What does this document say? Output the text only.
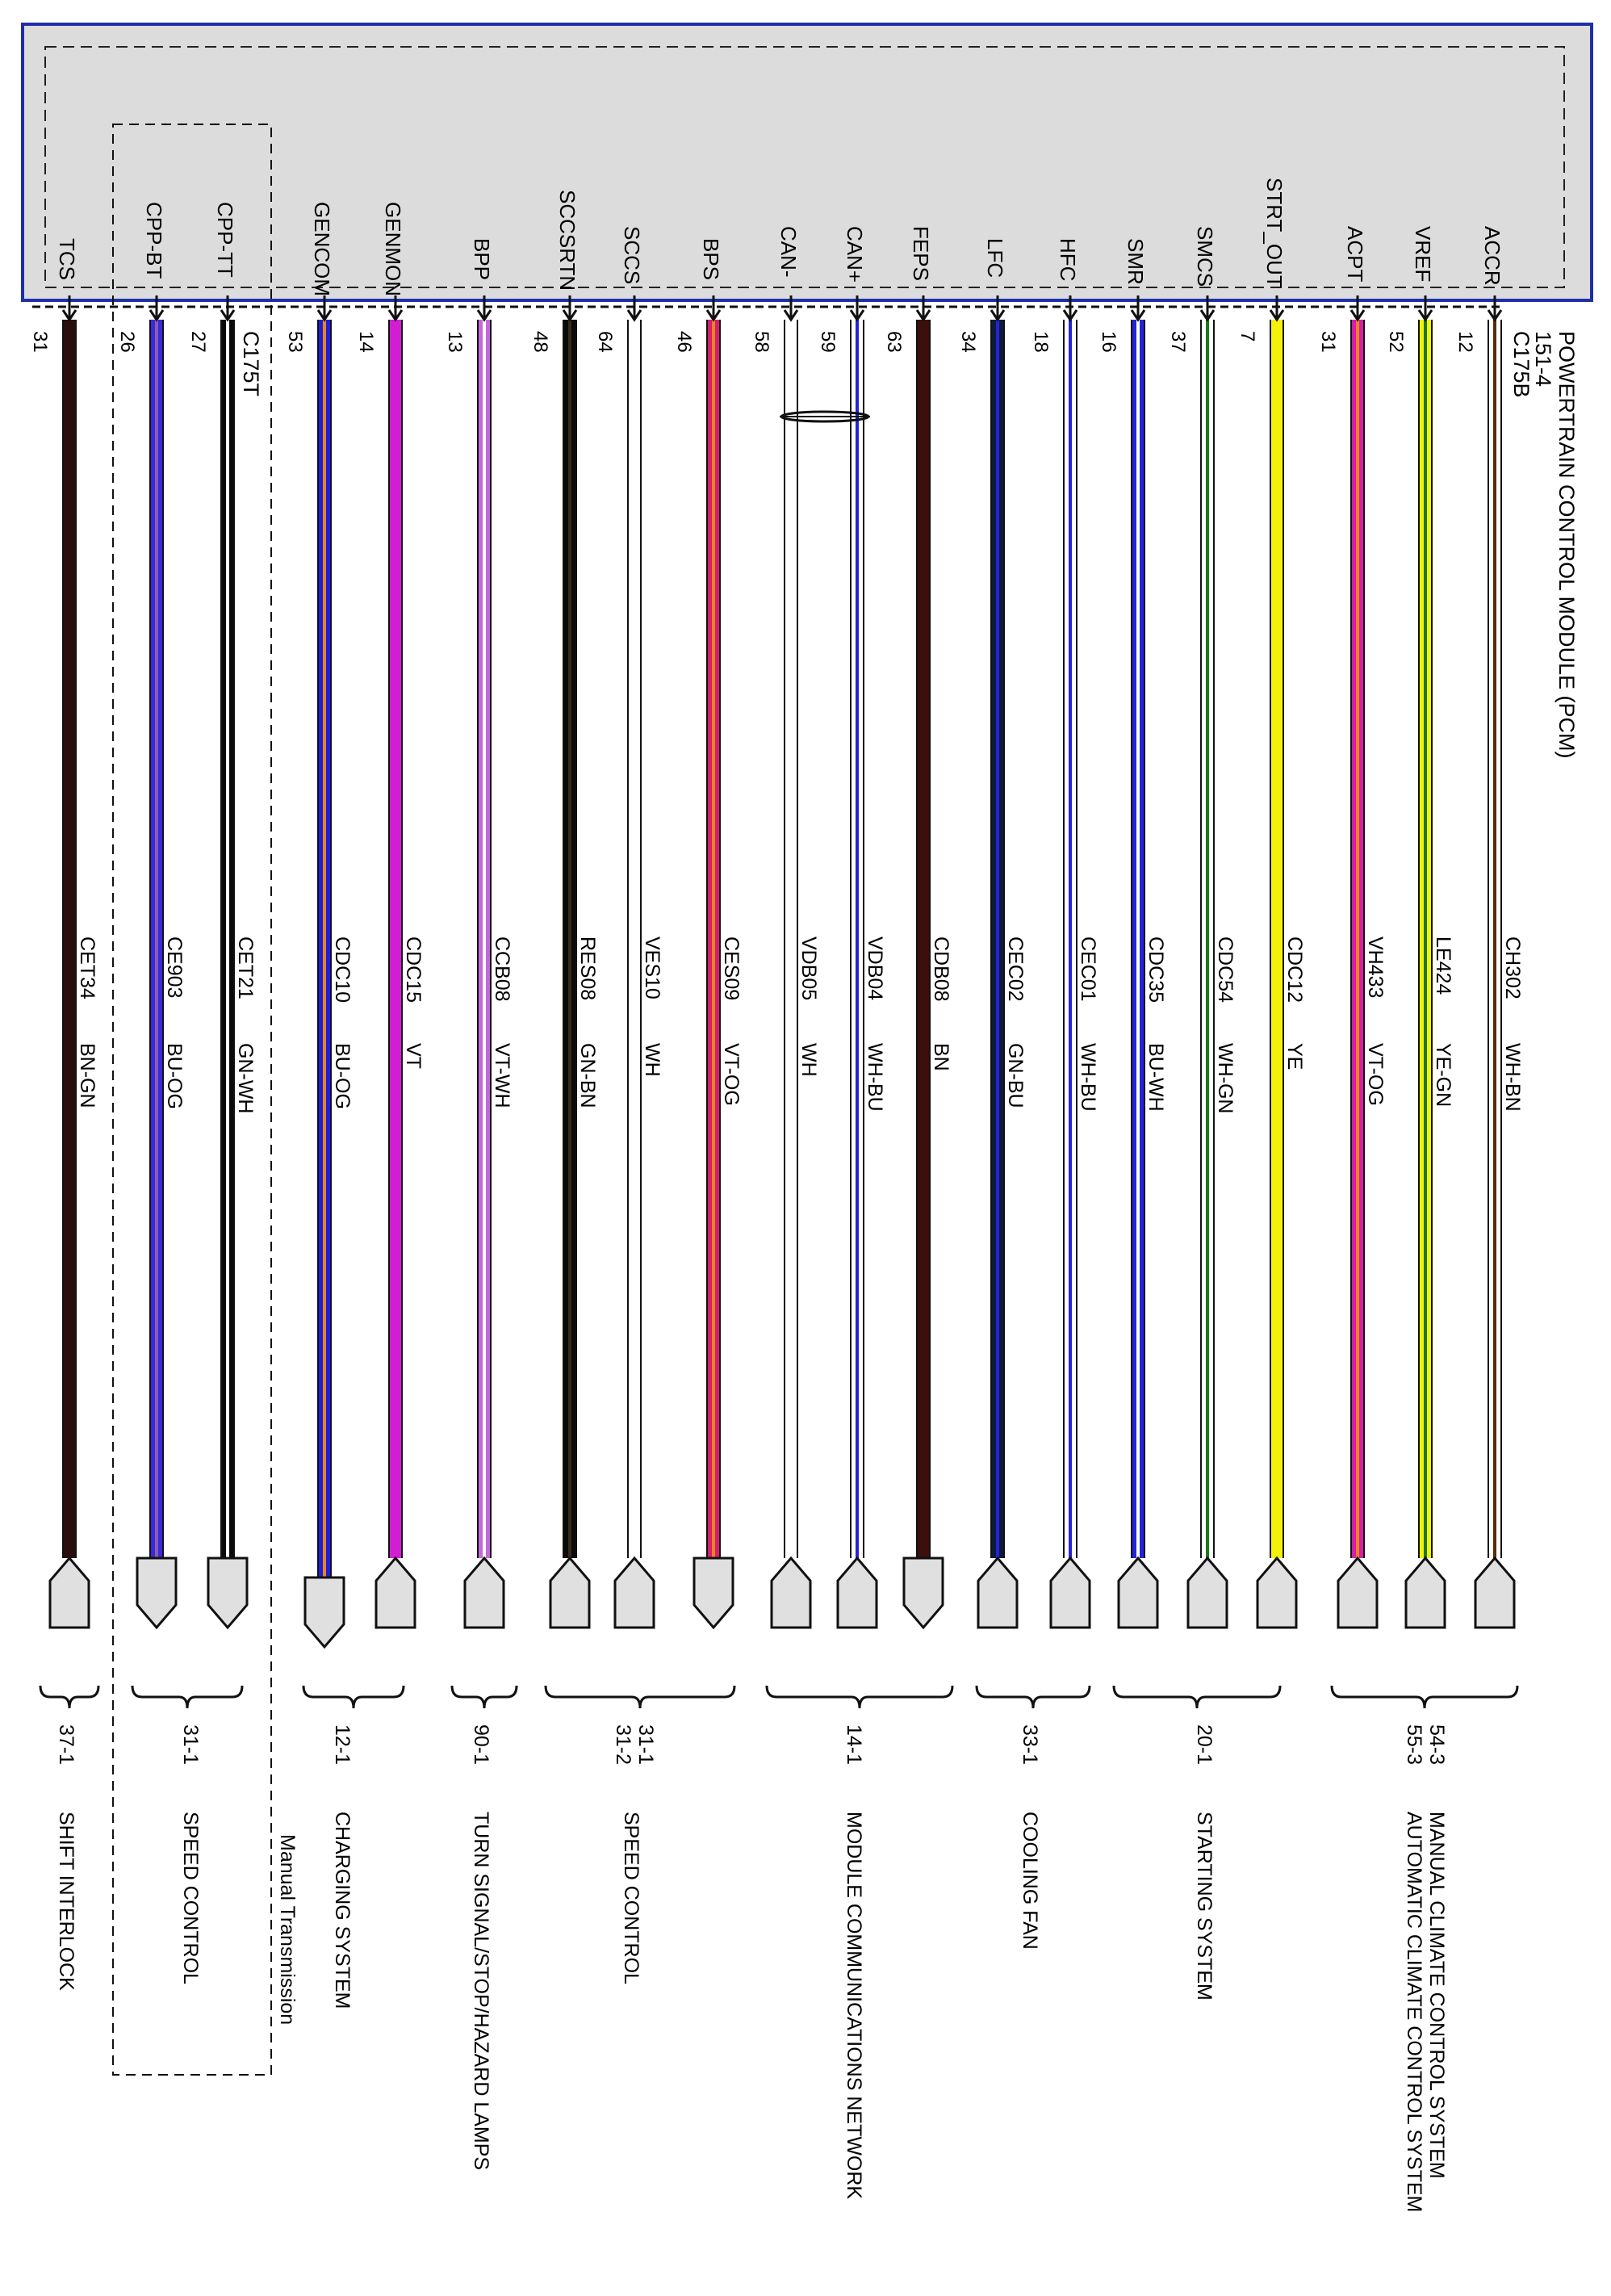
POWERTRAIN CONTROL MODULE (PCM)
151-4
C175B
C175T
Manual Transmission
ACCR
12
CH302
WH-BN
VREF
52
LE424
YE-GN
ACPT
31
VH433
VT-OG
STRT_OUT
7
CDC12
YE
SMCS
37
CDC54
WH-GN
SMR
16
CDC35
BU-WH
HFC
18
CEC01
WH-BU
LFC
34
CEC02
GN-BU
FEPS
63
CDB08
BN
CAN+
59
VDB04
WH-BU
CAN-
58
VDB05
WH
BPS
46
CES09
VT-OG
SCCS
64
VES10
WH
SCCSRTN
48
RES08
GN-BN
BPP
13
CCB08
VT-WH
GENMON
14
CDC15
VT
GENCOM
53
CDC10
BU-OG
CPP-TT
27
CET21
GN-WH
CPP-BT
26
CE903
BU-OG
TCS
31
CET34
BN-GN
54-3
55-3
MANUAL CLIMATE CONTROL SYSTEM
AUTOMATIC CLIMATE CONTROL SYSTEM
20-1
STARTING SYSTEM
33-1
COOLING FAN
14-1
MODULE COMMUNICATIONS NETWORK
31-1
31-2
SPEED CONTROL
90-1
TURN SIGNAL/STOP/HAZARD LAMPS
12-1
CHARGING SYSTEM
31-1
SPEED CONTROL
37-1
SHIFT INTERLOCK
